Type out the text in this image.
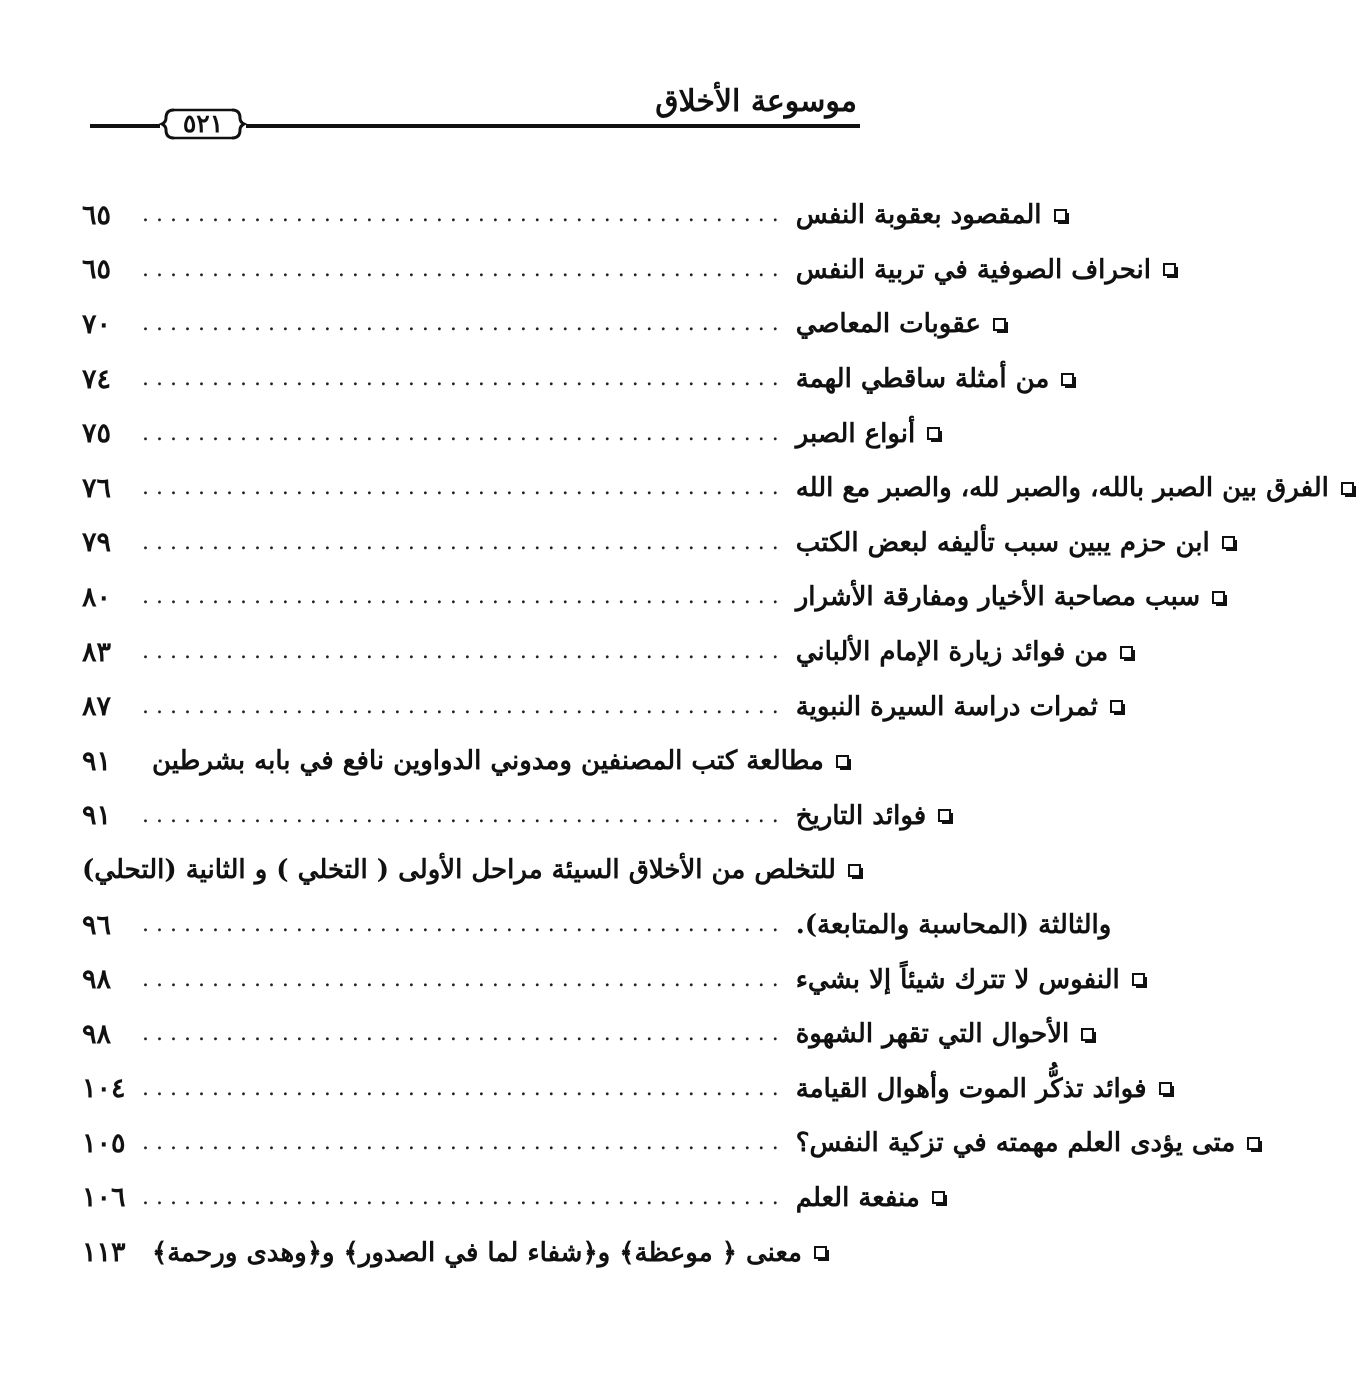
موسوعة الأخلاق
٥٢١
٦٥	.............................................. المقصود بعقوبة النفس
٦٥	.............................................. انحراف الصوفية في تربية النفس
٧٠	.............................................. عقوبات المعاصي
٧٤	.............................................. من أمثلة ساقطي الهمة
٧٥	.............................................. أنواع الصبر
٧٦	.............................................. الفرق بين الصبر بالله، والصبر لله، والصبر مع الله
٧٩	.............................................. ابن حزم يبين سبب تأليفه لبعض الكتب
٨٠	.............................................. سبب مصاحبة الأخيار ومفارقة الأشرار
٨٣	.............................................. من فوائد زيارة الإمام الألباني
٨٧	.............................................. ثمرات دراسة السيرة النبوية
٩١	مطالعة كتب المصنفين ومدوني الدواوين نافع في بابه بشرطين
٩١	.............................................. فوائد التاريخ
للتخلص من الأخلاق السيئة مراحل الأولى ( التخلي ) و الثانية (التحلي)
٩٦	.............................................. والثالثة (المحاسبة والمتابعة).
٩٨	.............................................. النفوس لا تترك شيئاً إلا بشيء
٩٨	.............................................. الأحوال التي تقهر الشهوة
١٠٤ .............................................. فوائد تذكُّر الموت وأهوال القيامة
١٠٥ .............................................. متى يؤدى العلم مهمته في تزكية النفس؟
١٠٦ .............................................. منفعة العلم
١١٣	معنى ﴿ موعظة﴾ و﴿شفاء لما في الصدور﴾ و﴿وهدى ورحمة﴾
